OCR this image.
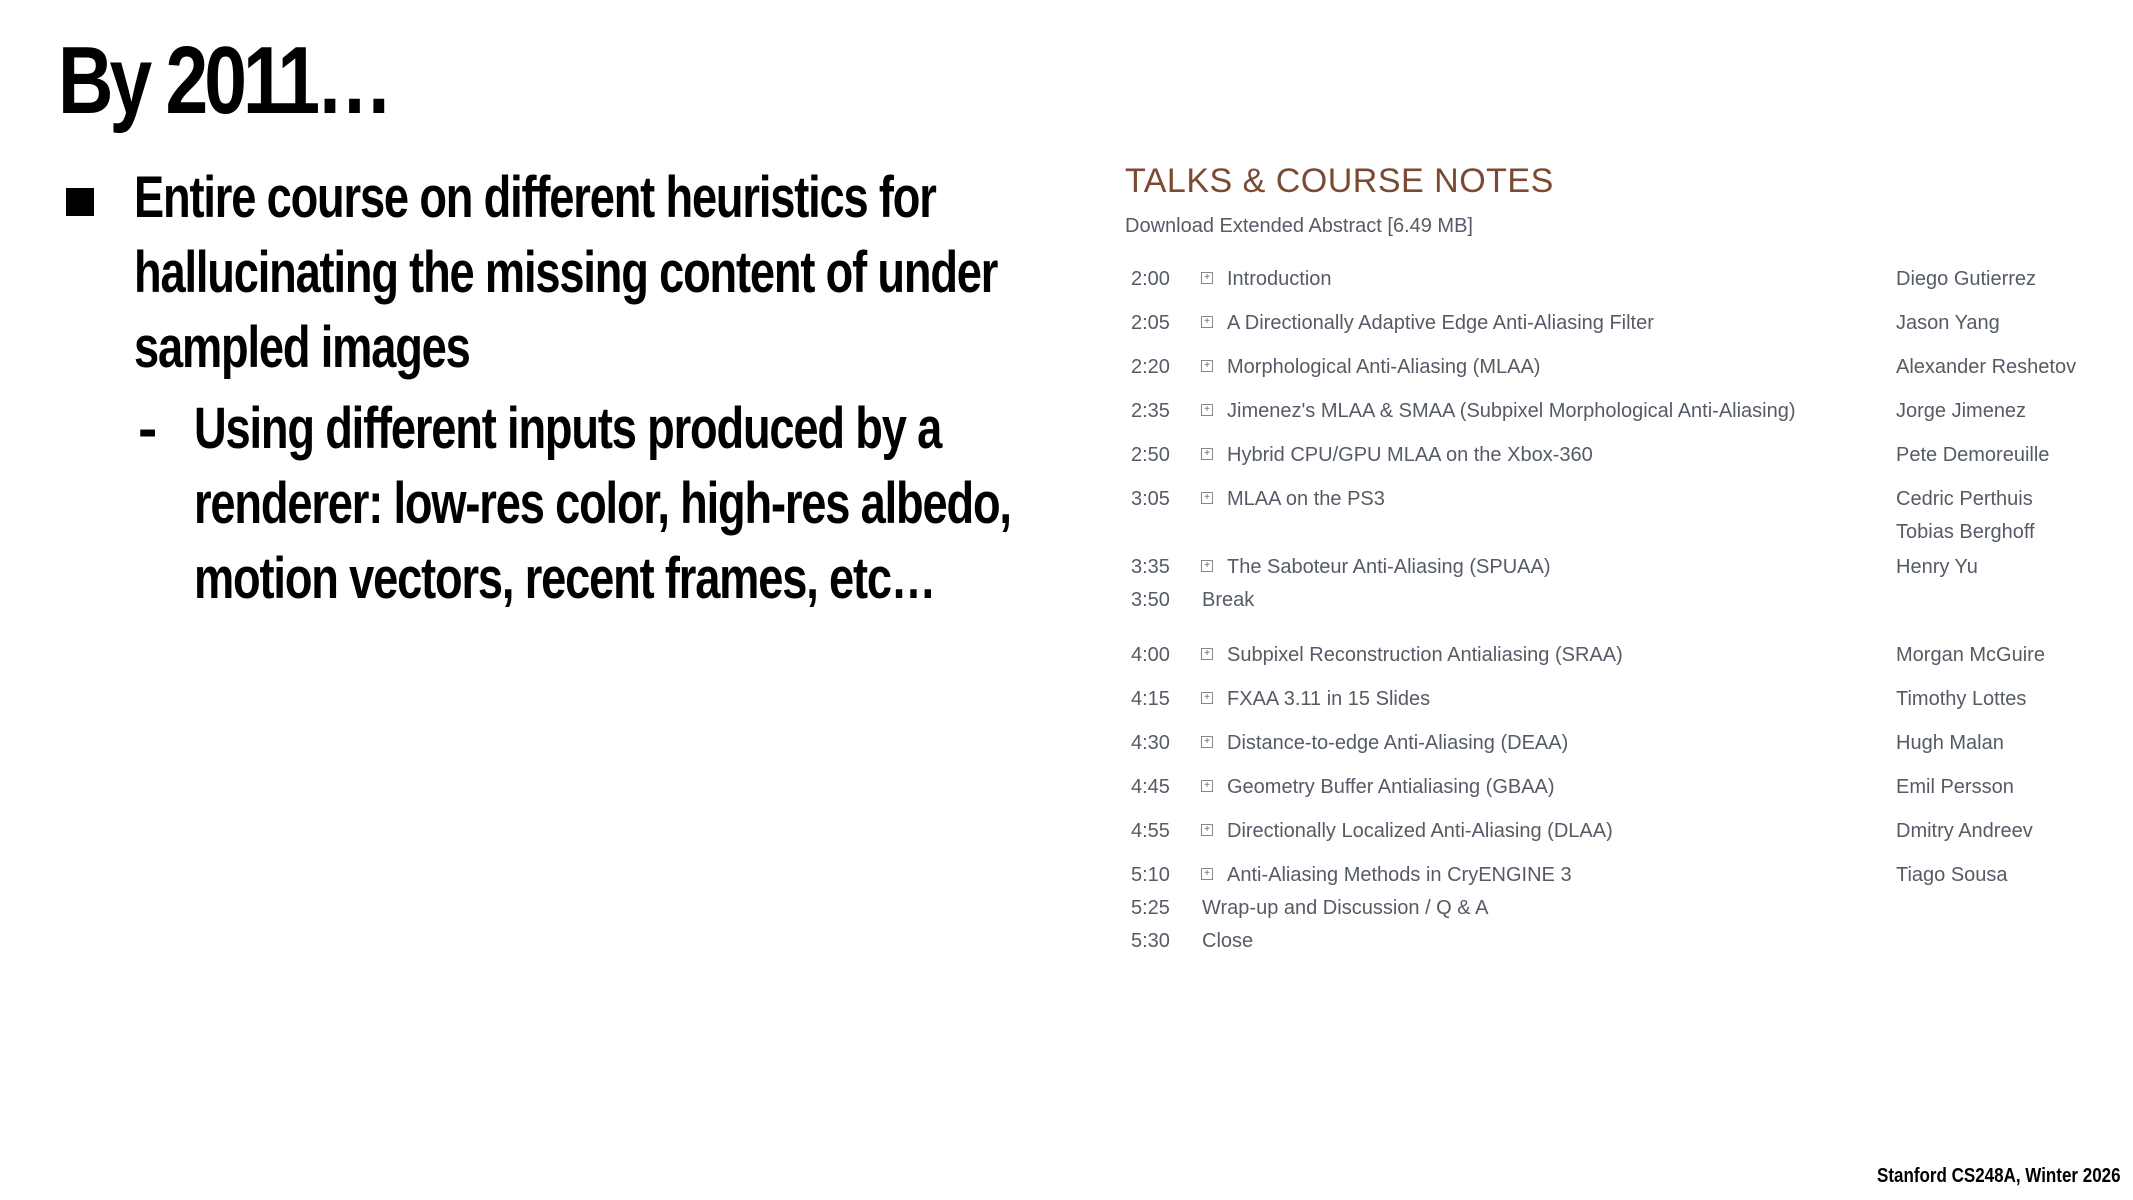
By 2011…
Entire course on different heuristics for hallucinating the missing content of under sampled images
- Using different inputs produced by a renderer: low-res color, high-res albedo, motion vectors, recent frames, etc…
TALKS & COURSE NOTES
Download Extended Abstract [6.49 MB]
2:00	+ Introduction	Diego Gutierrez
2:05	+ A Directionally Adaptive Edge Anti-Aliasing Filter	Jason Yang
2:20	+ Morphological Anti-Aliasing (MLAA)	Alexander Reshetov
2:35	+ Jimenez's MLAA & SMAA (Subpixel Morphological Anti-Aliasing)	Jorge Jimenez
2:50	+ Hybrid CPU/GPU MLAA on the Xbox-360	Pete Demoreuille
3:05	+ MLAA on the PS3	Cedric Perthuis
Tobias Berghoff
3:35	+ The Saboteur Anti-Aliasing (SPUAA)	Henry Yu
3:50 Break
4:00	+ Subpixel Reconstruction Antialiasing (SRAA)	Morgan McGuire
4:15	+ FXAA 3.11 in 15 Slides	Timothy Lottes
4:30	+ Distance-to-edge Anti-Aliasing (DEAA)	Hugh Malan
4:45	+ Geometry Buffer Antialiasing (GBAA)	Emil Persson
4:55	+ Directionally Localized Anti-Aliasing (DLAA)	Dmitry Andreev
5:10	+ Anti-Aliasing Methods in CryENGINE 3	Tiago Sousa
5:25 Wrap-up and Discussion / Q & A
5:30 Close
Stanford CS248A, Winter 2026
